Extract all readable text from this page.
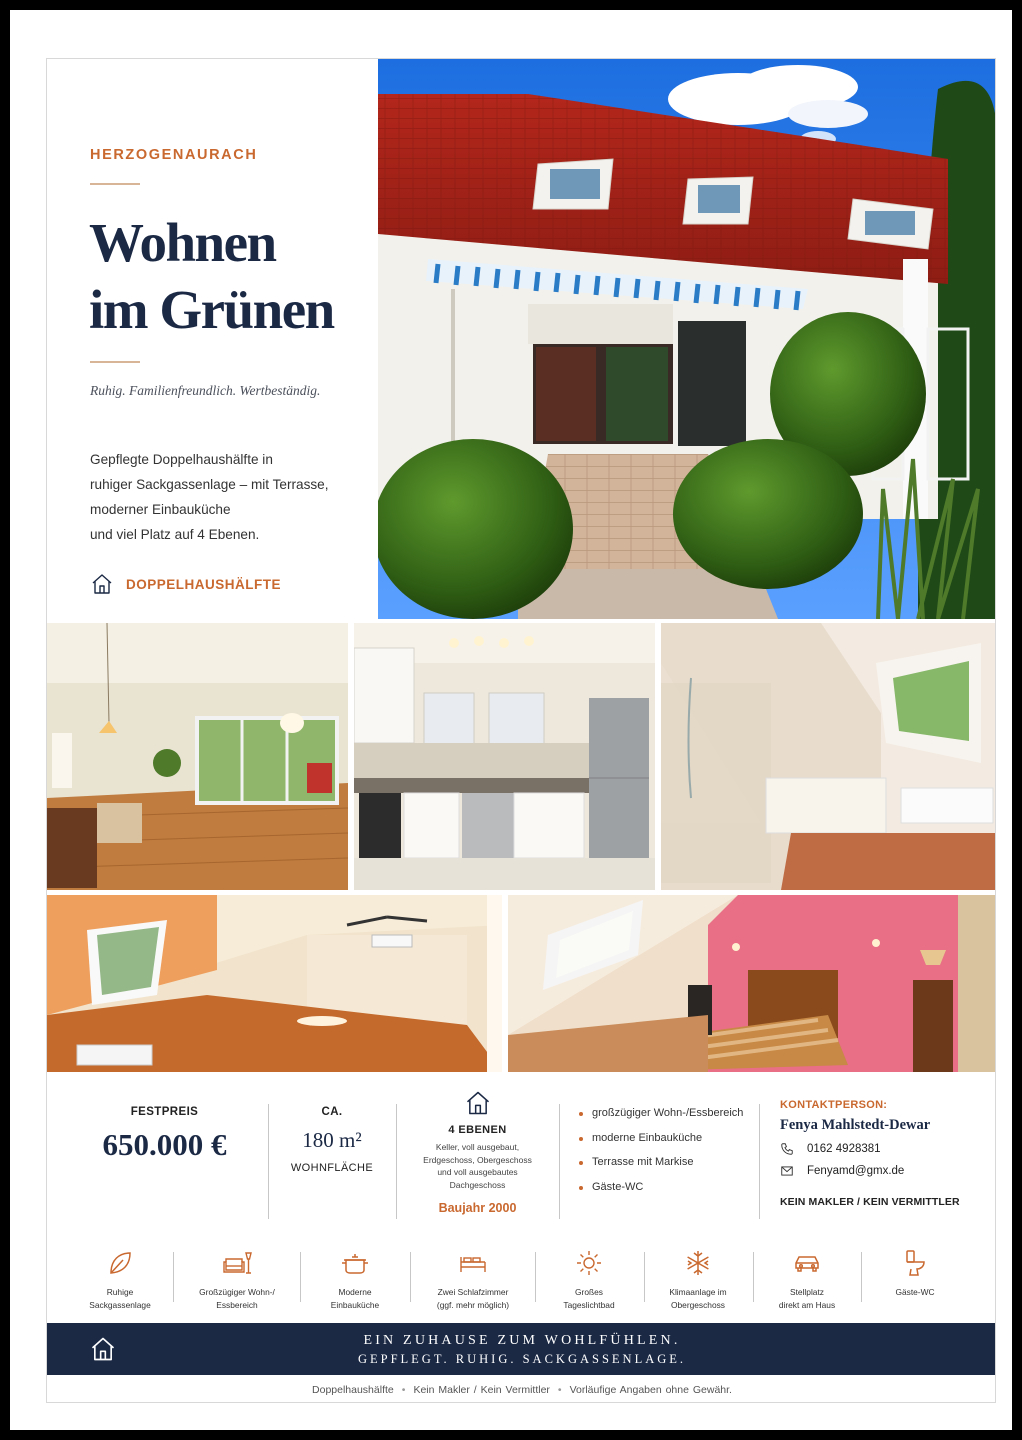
HERZOGENAURACH
Wohnen
im Grünen
Ruhig. Familienfreundlich. Wertbeständig.
Gepflegte Doppelhaushälfte in
ruhiger Sackgassenlage – mit Terrasse,
moderner Einbauküche
und viel Platz auf 4 Ebenen.
DOPPELHAUSHÄLFTE
FESTPREIS
650.000 €
CA.
180 m²
WOHNFLÄCHE
4 EBENEN
Keller, voll ausgebaut,
Erdgeschoss, Obergeschoss
und voll ausgebautes
Dachgeschoss
Baujahr 2000
großzügiger Wohn-/Essbereich
moderne Einbauküche
Terrasse mit Markise
Gäste-WC
KONTAKTPERSON:
Fenya Mahlstedt-Dewar
0162 4928381
Fenyamd@gmx.de
KEIN MAKLER / KEIN VERMITTLER
Ruhige
Sackgassenlage
Großzügiger Wohn-/
Essbereich
Moderne
Einbauküche
Zwei Schlafzimmer
(ggf. mehr möglich)
Großes
Tageslichtbad
Klimaanlage im
Obergeschoss
Stellplatz
direkt am Haus
Gäste-WC
EIN ZUHAUSE ZUM WOHLFÜHLEN.
GEPFLEGT. RUHIG. SACKGASSENLAGE.
Doppelhaushälfte • Kein Makler / Kein Vermittler • Vorläufige Angaben ohne Gewähr.
